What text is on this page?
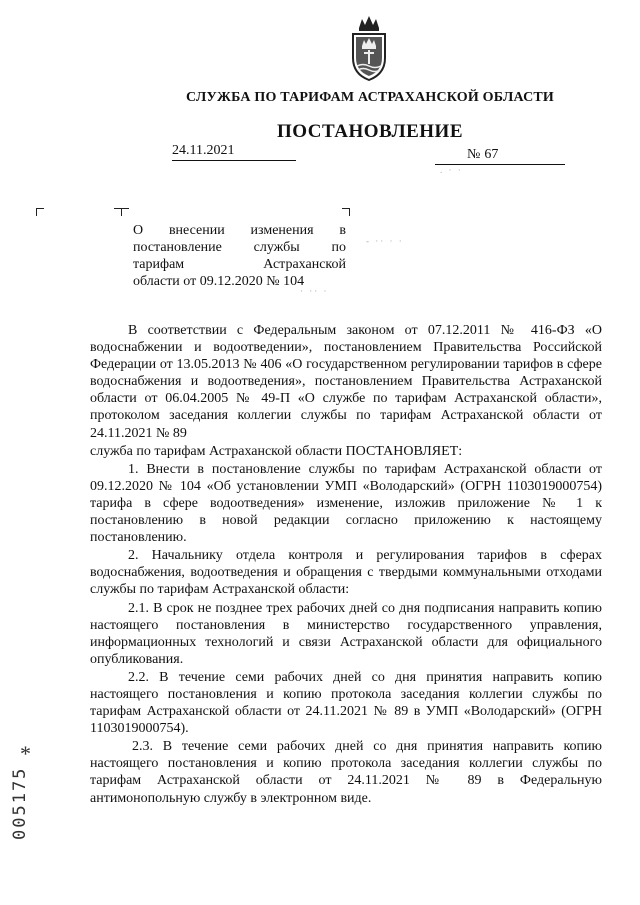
СЛУЖБА ПО ТАРИФАМ АСТРАХАНСКОЙ ОБЛАСТИ
ПОСТАНОВЛЕНИЕ
24.11.2021	№ 67
. · ·
- ·· · ·
· ·· ·
О внесении изменения в
постановление службы по
тарифам Астраханской
области от 09.12.2020 № 104

В соответствии с Федеральным законом от 07.12.2011 № 416-ФЗ «О водоснабжении и водоотведении», постановлением Правительства Российской Федерации от 13.05.2013 № 406 «О государственном регулировании тарифов в сфере водоснабжения и водоотведения», постановлением Правительства Астраханской области от 06.04.2005 № 49-П «О службе по тарифам Астраханской области», протоколом заседания коллегии службы по тарифам Астраханской области от 24.11.2021 № 89

служба по тарифам Астраханской области ПОСТАНОВЛЯЕТ:

1. Внести в постановление службы по тарифам Астраханской области от 09.12.2020 № 104 «Об установлении УМП «Володарский» (ОГРН 1103019000754) тарифа в сфере водоотведения» изменение, изложив приложение № 1 к постановлению в новой редакции согласно приложению к настоящему постановлению.

2. Начальнику отдела контроля и регулирования тарифов в сферах водоснабжения, водоотведения и обращения с твердыми коммунальными отходами службы по тарифам Астраханской области:

2.1. В срок не позднее трех рабочих дней со дня подписания направить копию настоящего постановления в министерство государственного управления, информационных технологий и связи Астраханской области для официального опубликования.

2.2. В течение семи рабочих дней со дня принятия направить копию настоящего постановления и копию протокола заседания коллегии службы по тарифам Астраханской области от 24.11.2021 № 89 в УМП «Володарский» (ОГРН 1103019000754).

2.3. В течение семи рабочих дней со дня принятия направить копию настоящего постановления и копию протокола заседания коллегии службы по тарифам Астраханской области от 24.11.2021 № 89 в Федеральную антимонопольную службу в электронном виде.

*
005175
